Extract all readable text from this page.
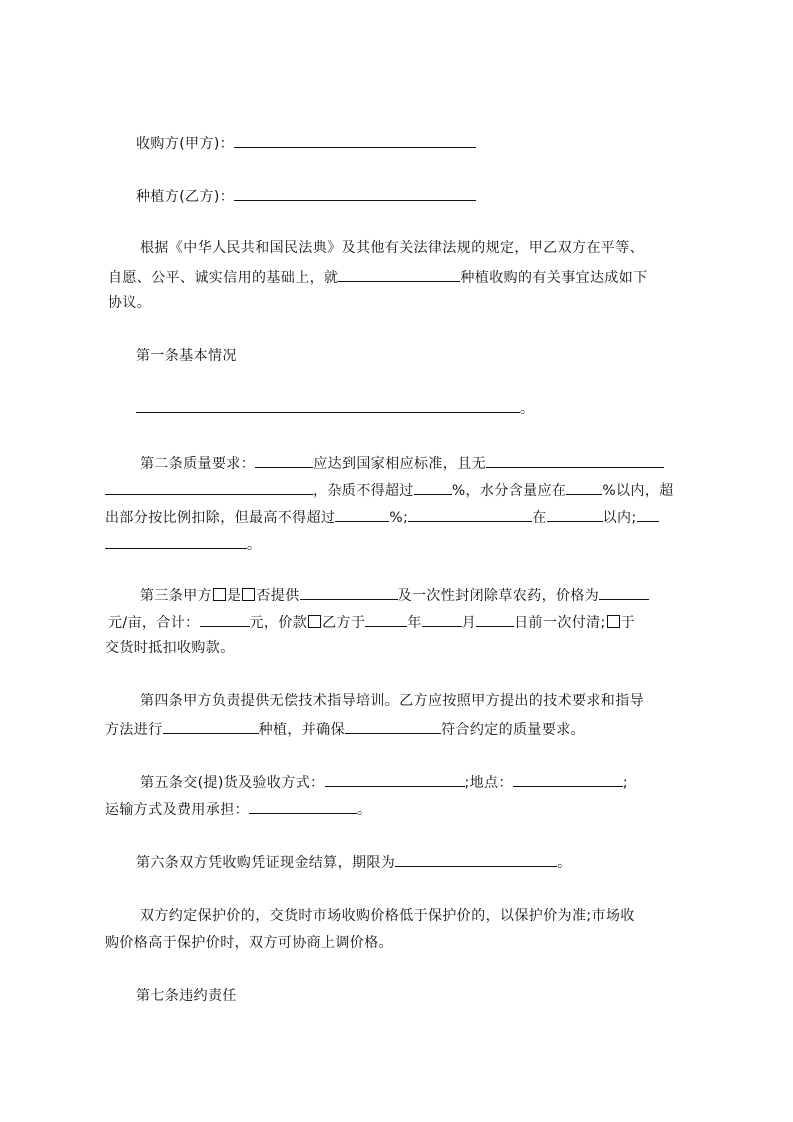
收购方(甲方)：
种植方(乙方)：
根据《中华人民共和国民法典》及其他有关法律法规的规定，甲乙双方在平等、
自愿、公平、诚实信用的基础上，就	种植收购的有关事宜达成如下
协议。
第一条基本情况
。
第二条质量要求：	应达到国家相应标准，且无
，杂质不得超过	%，水分含量应在	%以内，超
出部分按比例扣除，但最高不得超过	%;	在	以内;
。
第三条甲方 是 否提供	及一次性封闭除草农药，价格为
元/亩，合计：	元，价款 乙方于	年	月	日前一次付清; 于
交货时抵扣收购款。
第四条甲方负责提供无偿技术指导培训。乙方应按照甲方提出的技术要求和指导
方法进行	种植，并确保	符合约定的质量要求。
第五条交(提)货及验收方式：	;地点：	;
运输方式及费用承担：	。
第六条双方凭收购凭证现金结算，期限为	。
双方约定保护价的，交货时市场收购价格低于保护价的，以保护价为准;市场收
购价格高于保护价时，双方可协商上调价格。
第七条违约责任
